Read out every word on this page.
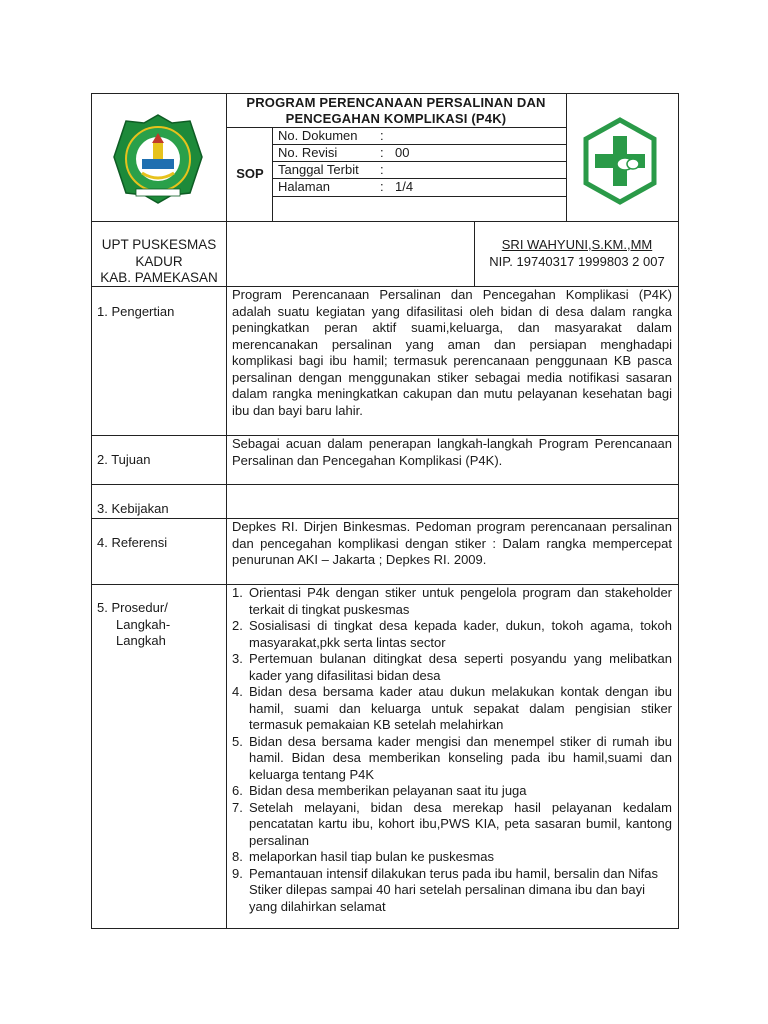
PROGRAM PERENCANAAN PERSALINAN DAN
PENCEGAHAN KOMPLIKASI (P4K)
SOP
No. Dokumen :
No. Revisi	: 00
Tanggal Terbit :
Halaman	: 1/4
UPT PUSKESMAS
KADUR
KAB. PAMEKASAN
SRI WAHYUNI,S.KM.,MM
NIP. 19740317 1999803 2 007
1. Pengertian
Program Perencanaan Persalinan dan Pencegahan Komplikasi (P4K) adalah suatu kegiatan yang difasilitasi oleh bidan di desa dalam rangka peningkatkan peran aktif suami,keluarga, dan masyarakat dalam merencanakan persalinan yang aman dan persiapan menghadapi komplikasi bagi ibu hamil; termasuk perencanaan penggunaan KB pasca persalinan dengan menggunakan stiker sebagai media notifikasi sasaran dalam rangka meningkatkan cakupan dan mutu pelayanan kesehatan bagi ibu dan bayi baru lahir.
2. Tujuan
Sebagai acuan dalam penerapan langkah-langkah Program Perencanaan Persalinan dan Pencegahan Komplikasi (P4K).
3. Kebijakan
4. Referensi
Depkes RI. Dirjen Binkesmas. Pedoman program perencanaan persalinan dan pencegahan komplikasi dengan stiker : Dalam rangka mempercepat penurunan AKI – Jakarta ; Depkes RI. 2009.
5. Prosedur/
Langkah-
Langkah
1. Orientasi P4k dengan stiker untuk pengelola program dan stakeholder terkait di tingkat puskesmas
2. Sosialisasi di tingkat desa kepada kader, dukun, tokoh agama, tokoh masyarakat,pkk serta lintas sector
3. Pertemuan bulanan ditingkat desa seperti posyandu yang melibatkan kader yang difasilitasi bidan desa
4. Bidan desa bersama kader atau dukun melakukan kontak dengan ibu hamil, suami dan keluarga untuk sepakat dalam pengisian stiker termasuk pemakaian KB setelah melahirkan
5. Bidan desa bersama kader mengisi dan menempel stiker di rumah ibu hamil. Bidan desa memberikan konseling pada ibu hamil,suami dan keluarga tentang P4K
6. Bidan desa memberikan pelayanan saat itu juga
7. Setelah melayani, bidan desa merekap hasil pelayanan kedalam pencatatan kartu ibu, kohort ibu,PWS KIA, peta sasaran bumil, kantong persalinan
8. melaporkan hasil tiap bulan ke puskesmas
9. Pemantauan intensif dilakukan terus pada ibu hamil, bersalin dan Nifas
Stiker dilepas sampai 40 hari setelah persalinan dimana ibu dan bayi yang dilahirkan selamat
